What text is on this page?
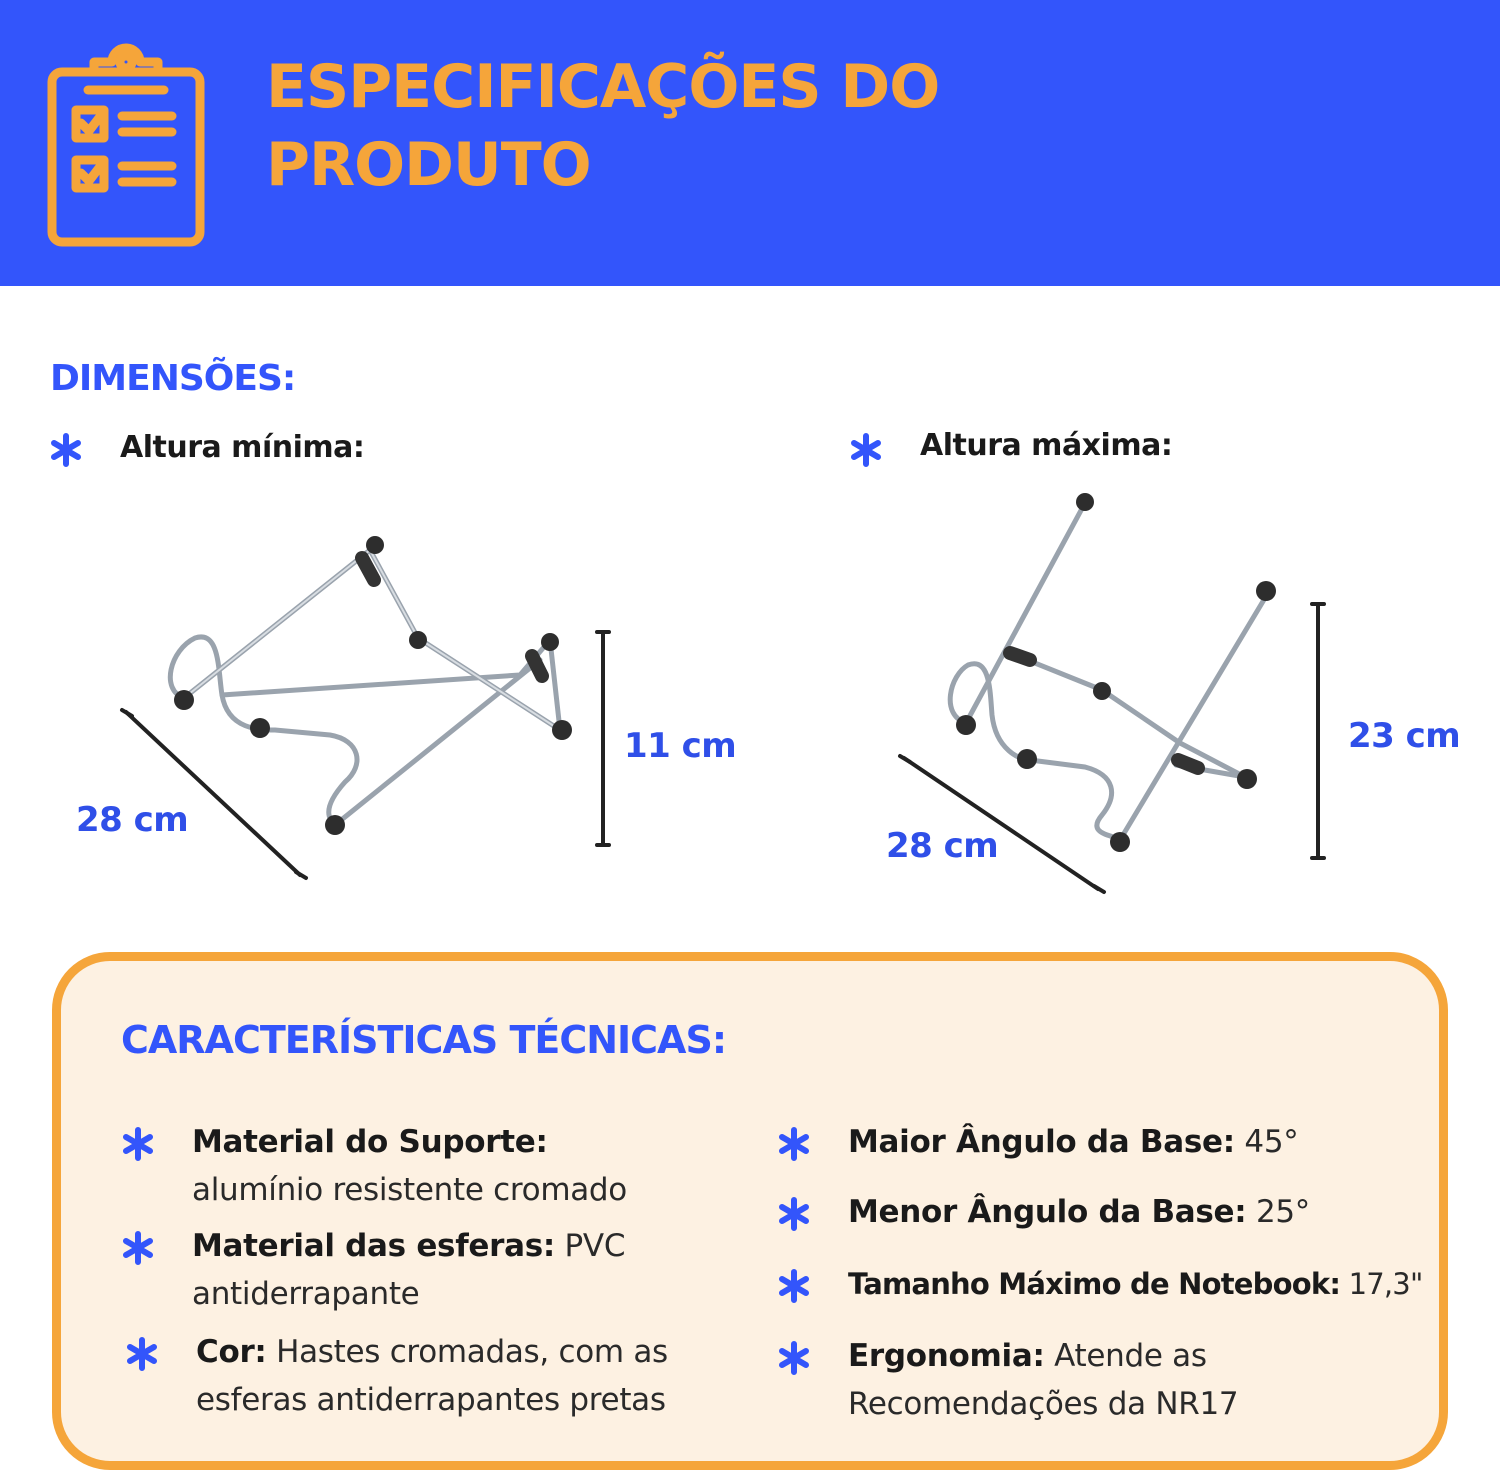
ESPECIFICAÇÕES DO
PRODUTO
DIMENSÕES:
Altura mínima:	Altura máxima:
28 cm
11 cm
28 cm
23 cm
CARACTERÍSTICAS TÉCNICAS:
Material do Suporte: alumínio resistente cromado
Material das esferas: PVC antiderrapante
Cor: Hastes cromadas, com as esferas antiderrapantes pretas
Maior Ângulo da Base: 45°
Menor Ângulo da Base: 25°
Tamanho Máximo de Notebook: 17,3"
Ergonomia: Atende as Recomendações da NR17
